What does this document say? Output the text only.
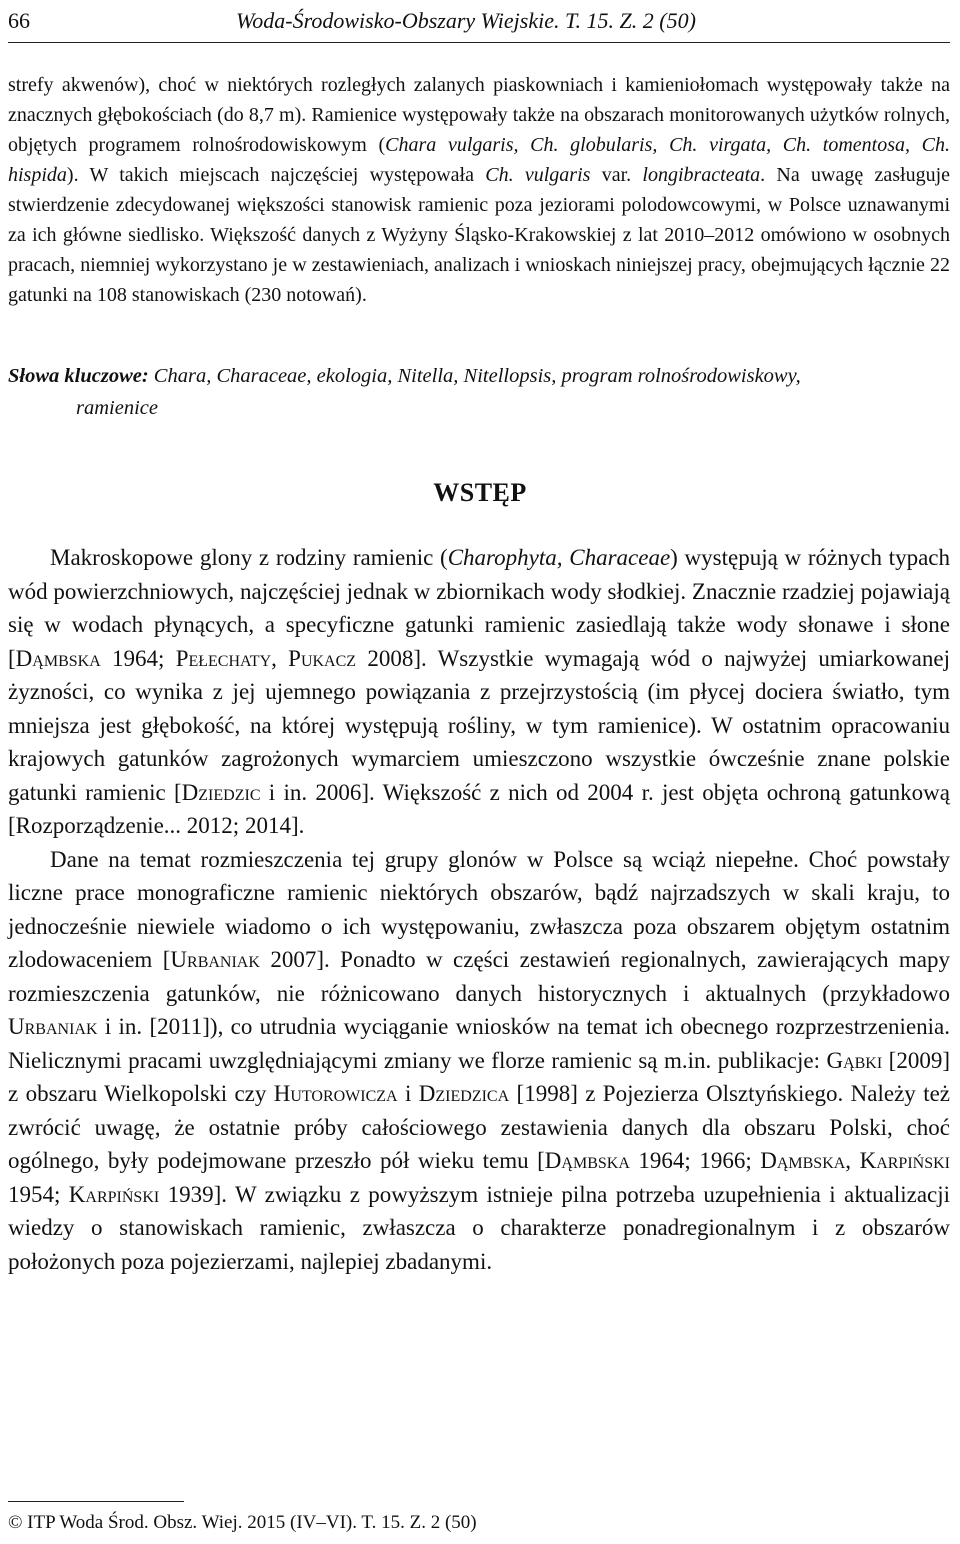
66	Woda-Środowisko-Obszary Wiejskie. T. 15. Z. 2 (50)

strefy akwenów), choć w niektórych rozległych zalanych piaskowniach i kamieniołomach występowały także na znacznych głębokościach (do 8,7 m). Ramienice występowały także na obszarach monitorowanych użytków rolnych, objętych programem rolnośrodowiskowym (Chara vulgaris, Ch. globularis, Ch. virgata, Ch. tomentosa, Ch. hispida). W takich miejscach najczęściej występowała Ch. vulgaris var. longibracteata. Na uwagę zasługuje stwierdzenie zdecydowanej większości stanowisk ramienic poza jeziorami polodowcowymi, w Polsce uznawanymi za ich główne siedlisko. Większość danych z Wyżyny Śląsko-Krakowskiej z lat 2010–2012 omówiono w osobnych pracach, niemniej wykorzystano je w zestawieniach, analizach i wnioskach niniejszej pracy, obejmujących łącznie 22 gatunki na 108 stanowiskach (230 notowań).

Słowa kluczowe: Chara, Characeae, ekologia, Nitella, Nitellopsis, program rolnośrodowiskowy,
ramienice
WSTĘP

Makroskopowe glony z rodziny ramienic (Charophyta, Characeae) występują w różnych typach wód powierzchniowych, najczęściej jednak w zbiornikach wody słodkiej. Znacznie rzadziej pojawiają się w wodach płynących, a specyficzne gatunki ramienic zasiedlają także wody słonawe i słone [Dąmbska 1964; Pełechaty, Pukacz 2008]. Wszystkie wymagają wód o najwyżej umiarkowanej żyzności, co wynika z jej ujemnego powiązania z przejrzystością (im płycej dociera światło, tym mniejsza jest głębokość, na której występują rośliny, w tym ramienice). W ostatnim opracowaniu krajowych gatunków zagrożonych wymarciem umieszczono wszystkie ówcześnie znane polskie gatunki ramienic [Dziedzic i in. 2006]. Większość z nich od 2004 r. jest objęta ochroną gatunkową [Rozporządzenie... 2012; 2014].

Dane na temat rozmieszczenia tej grupy glonów w Polsce są wciąż niepełne. Choć powstały liczne prace monograficzne ramienic niektórych obszarów, bądź najrzadszych w skali kraju, to jednocześnie niewiele wiadomo o ich występowaniu, zwłaszcza poza obszarem objętym ostatnim zlodowaceniem [Urbaniak 2007]. Ponadto w części zestawień regionalnych, zawierających mapy rozmieszczenia gatunków, nie różnicowano danych historycznych i aktualnych (przykładowo Urbaniak i in. [2011]), co utrudnia wyciąganie wniosków na temat ich obecnego rozprzestrzenienia. Nielicznymi pracami uwzględniającymi zmiany we florze ramienic są m.in. publikacje: Gąbki [2009] z obszaru Wielkopolski czy Hutorowicza i Dziedzica [1998] z Pojezierza Olsztyńskiego. Należy też zwrócić uwagę, że ostatnie próby całościowego zestawienia danych dla obszaru Polski, choć ogólnego, były podejmowane przeszło pół wieku temu [Dąmbska 1964; 1966; Dąmbska, Karpiński 1954; Karpiński 1939]. W związku z powyższym istnieje pilna potrzeba uzupełnienia i aktualizacji wiedzy o stanowiskach ramienic, zwłaszcza o charakterze ponadregionalnym i z obszarów położonych poza pojezierzami, najlepiej zbadanymi.

© ITP Woda Środ. Obsz. Wiej. 2015 (IV–VI). T. 15. Z. 2 (50)
